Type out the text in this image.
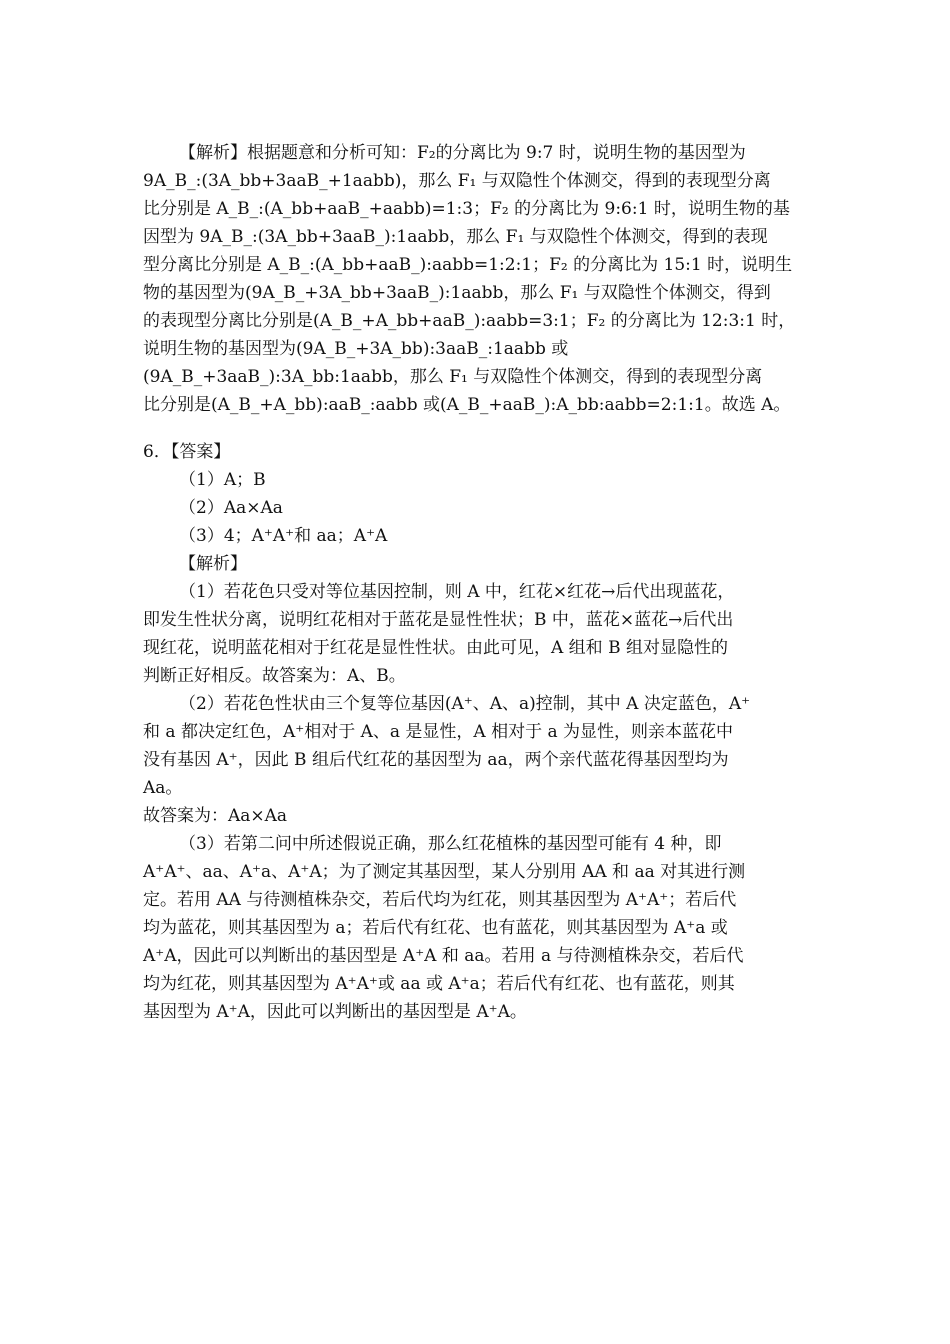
【解析】根据题意和分析可知：F₂的分离比为 9:7 时，说明生物的基因型为
9A_B_:(3A_bb+3aaB_+1aabb)，那么 F₁ 与双隐性个体测交，得到的表现型分离
比分别是 A_B_:(A_bb+aaB_+aabb)=1:3；F₂ 的分离比为 9:6:1 时，说明生物的基
因型为 9A_B_:(3A_bb+3aaB_):1aabb，那么 F₁ 与双隐性个体测交，得到的表现
型分离比分别是 A_B_:(A_bb+aaB_):aabb=1:2:1；F₂ 的分离比为 15:1 时，说明生
物的基因型为(9A_B_+3A_bb+3aaB_):1aabb，那么 F₁ 与双隐性个体测交，得到
的表现型分离比分别是(A_B_+A_bb+aaB_):aabb=3:1；F₂ 的分离比为 12:3:1 时，
说明生物的基因型为(9A_B_+3A_bb):3aaB_:1aabb 或
(9A_B_+3aaB_):3A_bb:1aabb，那么 F₁ 与双隐性个体测交，得到的表现型分离
比分别是(A_B_+A_bb):aaB_:aabb 或(A_B_+aaB_):A_bb:aabb=2:1:1。故选 A。
6．【答案】
（1）A；B
（2）Aa×Aa
（3）4；A⁺A⁺和 aa；A⁺A
【解析】
（1）若花色只受对等位基因控制，则 A 中，红花×红花→后代出现蓝花，
即发生性状分离，说明红花相对于蓝花是显性性状；B 中，蓝花×蓝花→后代出
现红花，说明蓝花相对于红花是显性性状。由此可见，A 组和 B 组对显隐性的
判断正好相反。故答案为：A、B。
（2）若花色性状由三个复等位基因(A⁺、A、a)控制，其中 A 决定蓝色，A⁺
和 a 都决定红色，A⁺相对于 A、a 是显性，A 相对于 a 为显性，则亲本蓝花中
没有基因 A⁺，因此 B 组后代红花的基因型为 aa，两个亲代蓝花得基因型均为
Aa。
故答案为：Aa×Aa
（3）若第二问中所述假说正确，那么红花植株的基因型可能有 4 种，即
A⁺A⁺、aa、A⁺a、A⁺A；为了测定其基因型，某人分别用 AA 和 aa 对其进行测
定。若用 AA 与待测植株杂交，若后代均为红花，则其基因型为 A⁺A⁺；若后代
均为蓝花，则其基因型为 a；若后代有红花、也有蓝花，则其基因型为 A⁺a 或
A⁺A，因此可以判断出的基因型是 A⁺A 和 aa。若用 a 与待测植株杂交，若后代
均为红花，则其基因型为 A⁺A⁺或 aa 或 A⁺a；若后代有红花、也有蓝花，则其
基因型为 A⁺A，因此可以判断出的基因型是 A⁺A。
